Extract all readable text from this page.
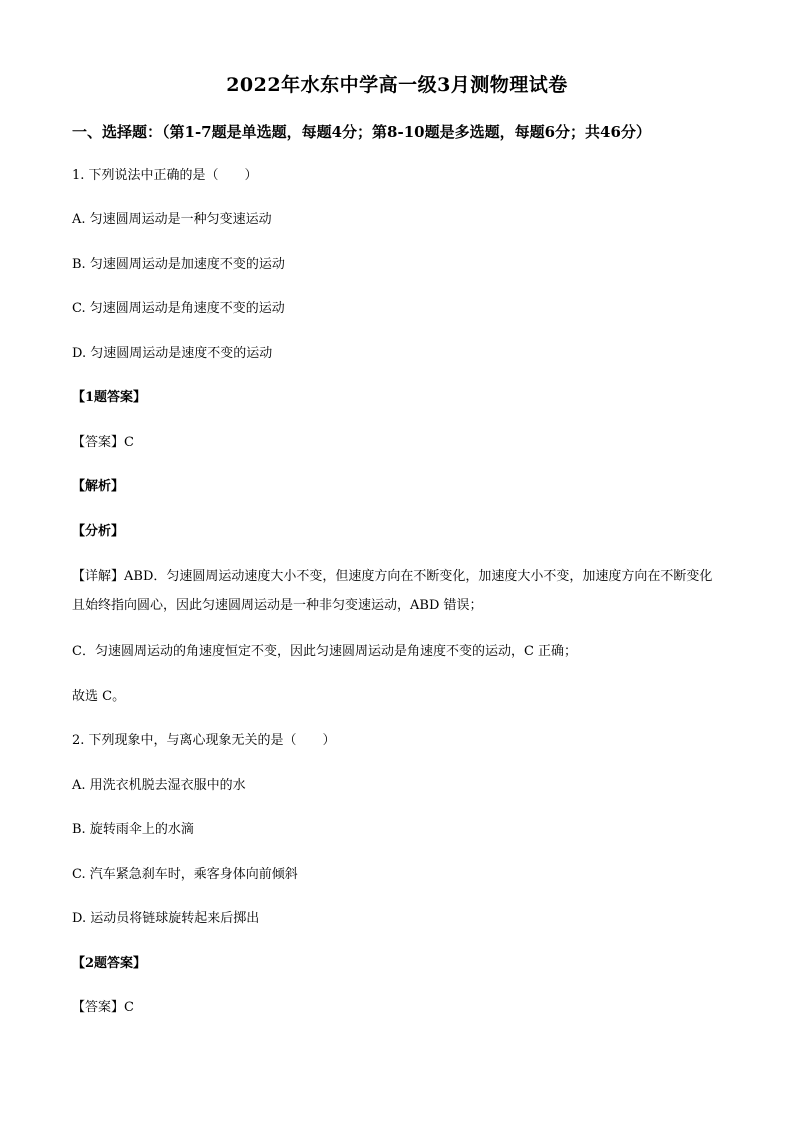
2022年水东中学高一级3月测物理试卷
一、选择题：（第1-7题是单选题，每题4分；第8-10题是多选题，每题6分；共46分）
1. 下列说法中正确的是（　　）
A. 匀速圆周运动是一种匀变速运动
B. 匀速圆周运动是加速度不变的运动
C. 匀速圆周运动是角速度不变的运动
D. 匀速圆周运动是速度不变的运动
【1题答案】
【答案】C
【解析】
【分析】
【详解】ABD．匀速圆周运动速度大小不变，但速度方向在不断变化，加速度大小不变，加速度方向在不断变化且始终指向圆心，因此匀速圆周运动是一种非匀变速运动，ABD 错误；
C．匀速圆周运动的角速度恒定不变，因此匀速圆周运动是角速度不变的运动，C 正确；
故选 C。
2. 下列现象中，与离心现象无关的是（　　）
A. 用洗衣机脱去湿衣服中的水
B. 旋转雨伞上的水滴
C. 汽车紧急刹车时，乘客身体向前倾斜
D. 运动员将链球旋转起来后掷出
【2题答案】
【答案】C
